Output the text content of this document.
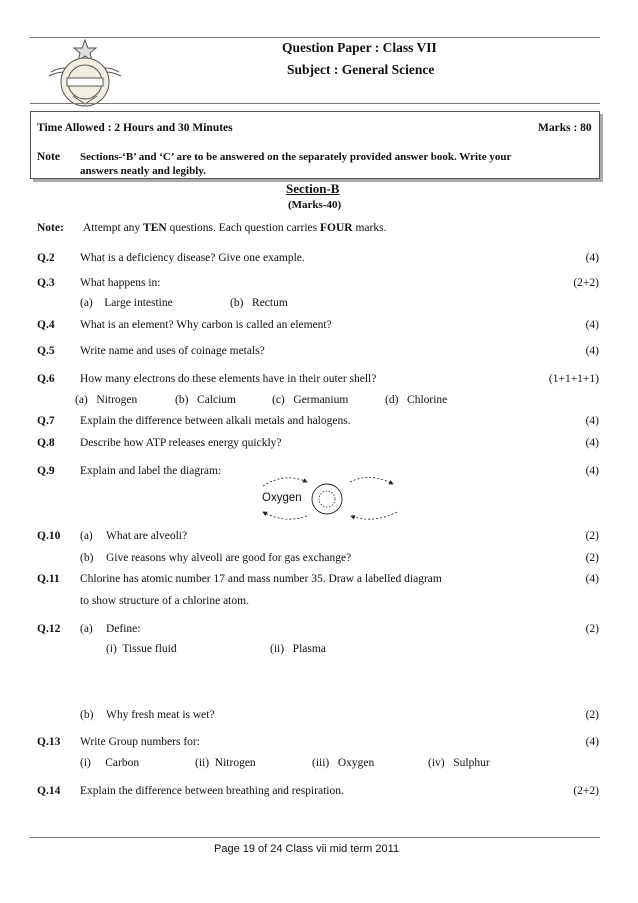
Question Paper : Class VII
Subject : General Science
Time Allowed : 2 Hours and 30 Minutes	Marks : 80
Note Sections-‘B’ and ‘C’ are to be answered on the separately provided answer book. Write your
answers neatly and legibly.
Section-B
(Marks-40)
Note: Attempt any TEN questions. Each question carries FOUR marks.
Q.2 What is a deficiency disease? Give one example.	(4)
Q.3 What happens in:	(2+2)
(a)    Large intestine	(b)   Rectum
Q.4 What is an element? Why carbon is called an element?	(4)
Q.5 Write name and uses of coinage metals?	(4)
Q.6 How many electrons do these elements have in their outer shell?	(1+1+1+1)
(a)   Nitrogen	(b)   Calcium	(c)   Germanium	(d)   Chlorine
Q.7 Explain the difference between alkali metals and halogens.	(4)
Q.8 Describe how ATP releases energy quickly?	(4)
Q.9 Explain and label the diagram:	(4)
Oxygen
Q.10 (a) What are alveoli?	(2)
(b) Give reasons why alveoli are good for gas exchange?	(2)
Q.11 Chlorine has atomic number 17 and mass number 35. Draw a labelled diagram	(4)
to show structure of a chlorine atom.
Q.12 (a) Define:	(2)
(i)  Tissue fluid	(ii)   Plasma
(b) Why fresh meat is wet?	(2)
Q.13 Write Group numbers for:	(4)
(i)     Carbon	(ii)  Nitrogen	(iii)   Oxygen	(iv)   Sulphur
Q.14 Explain the difference between breathing and respiration.	(2+2)
Page 19 of 24 Class vii mid term 2011
